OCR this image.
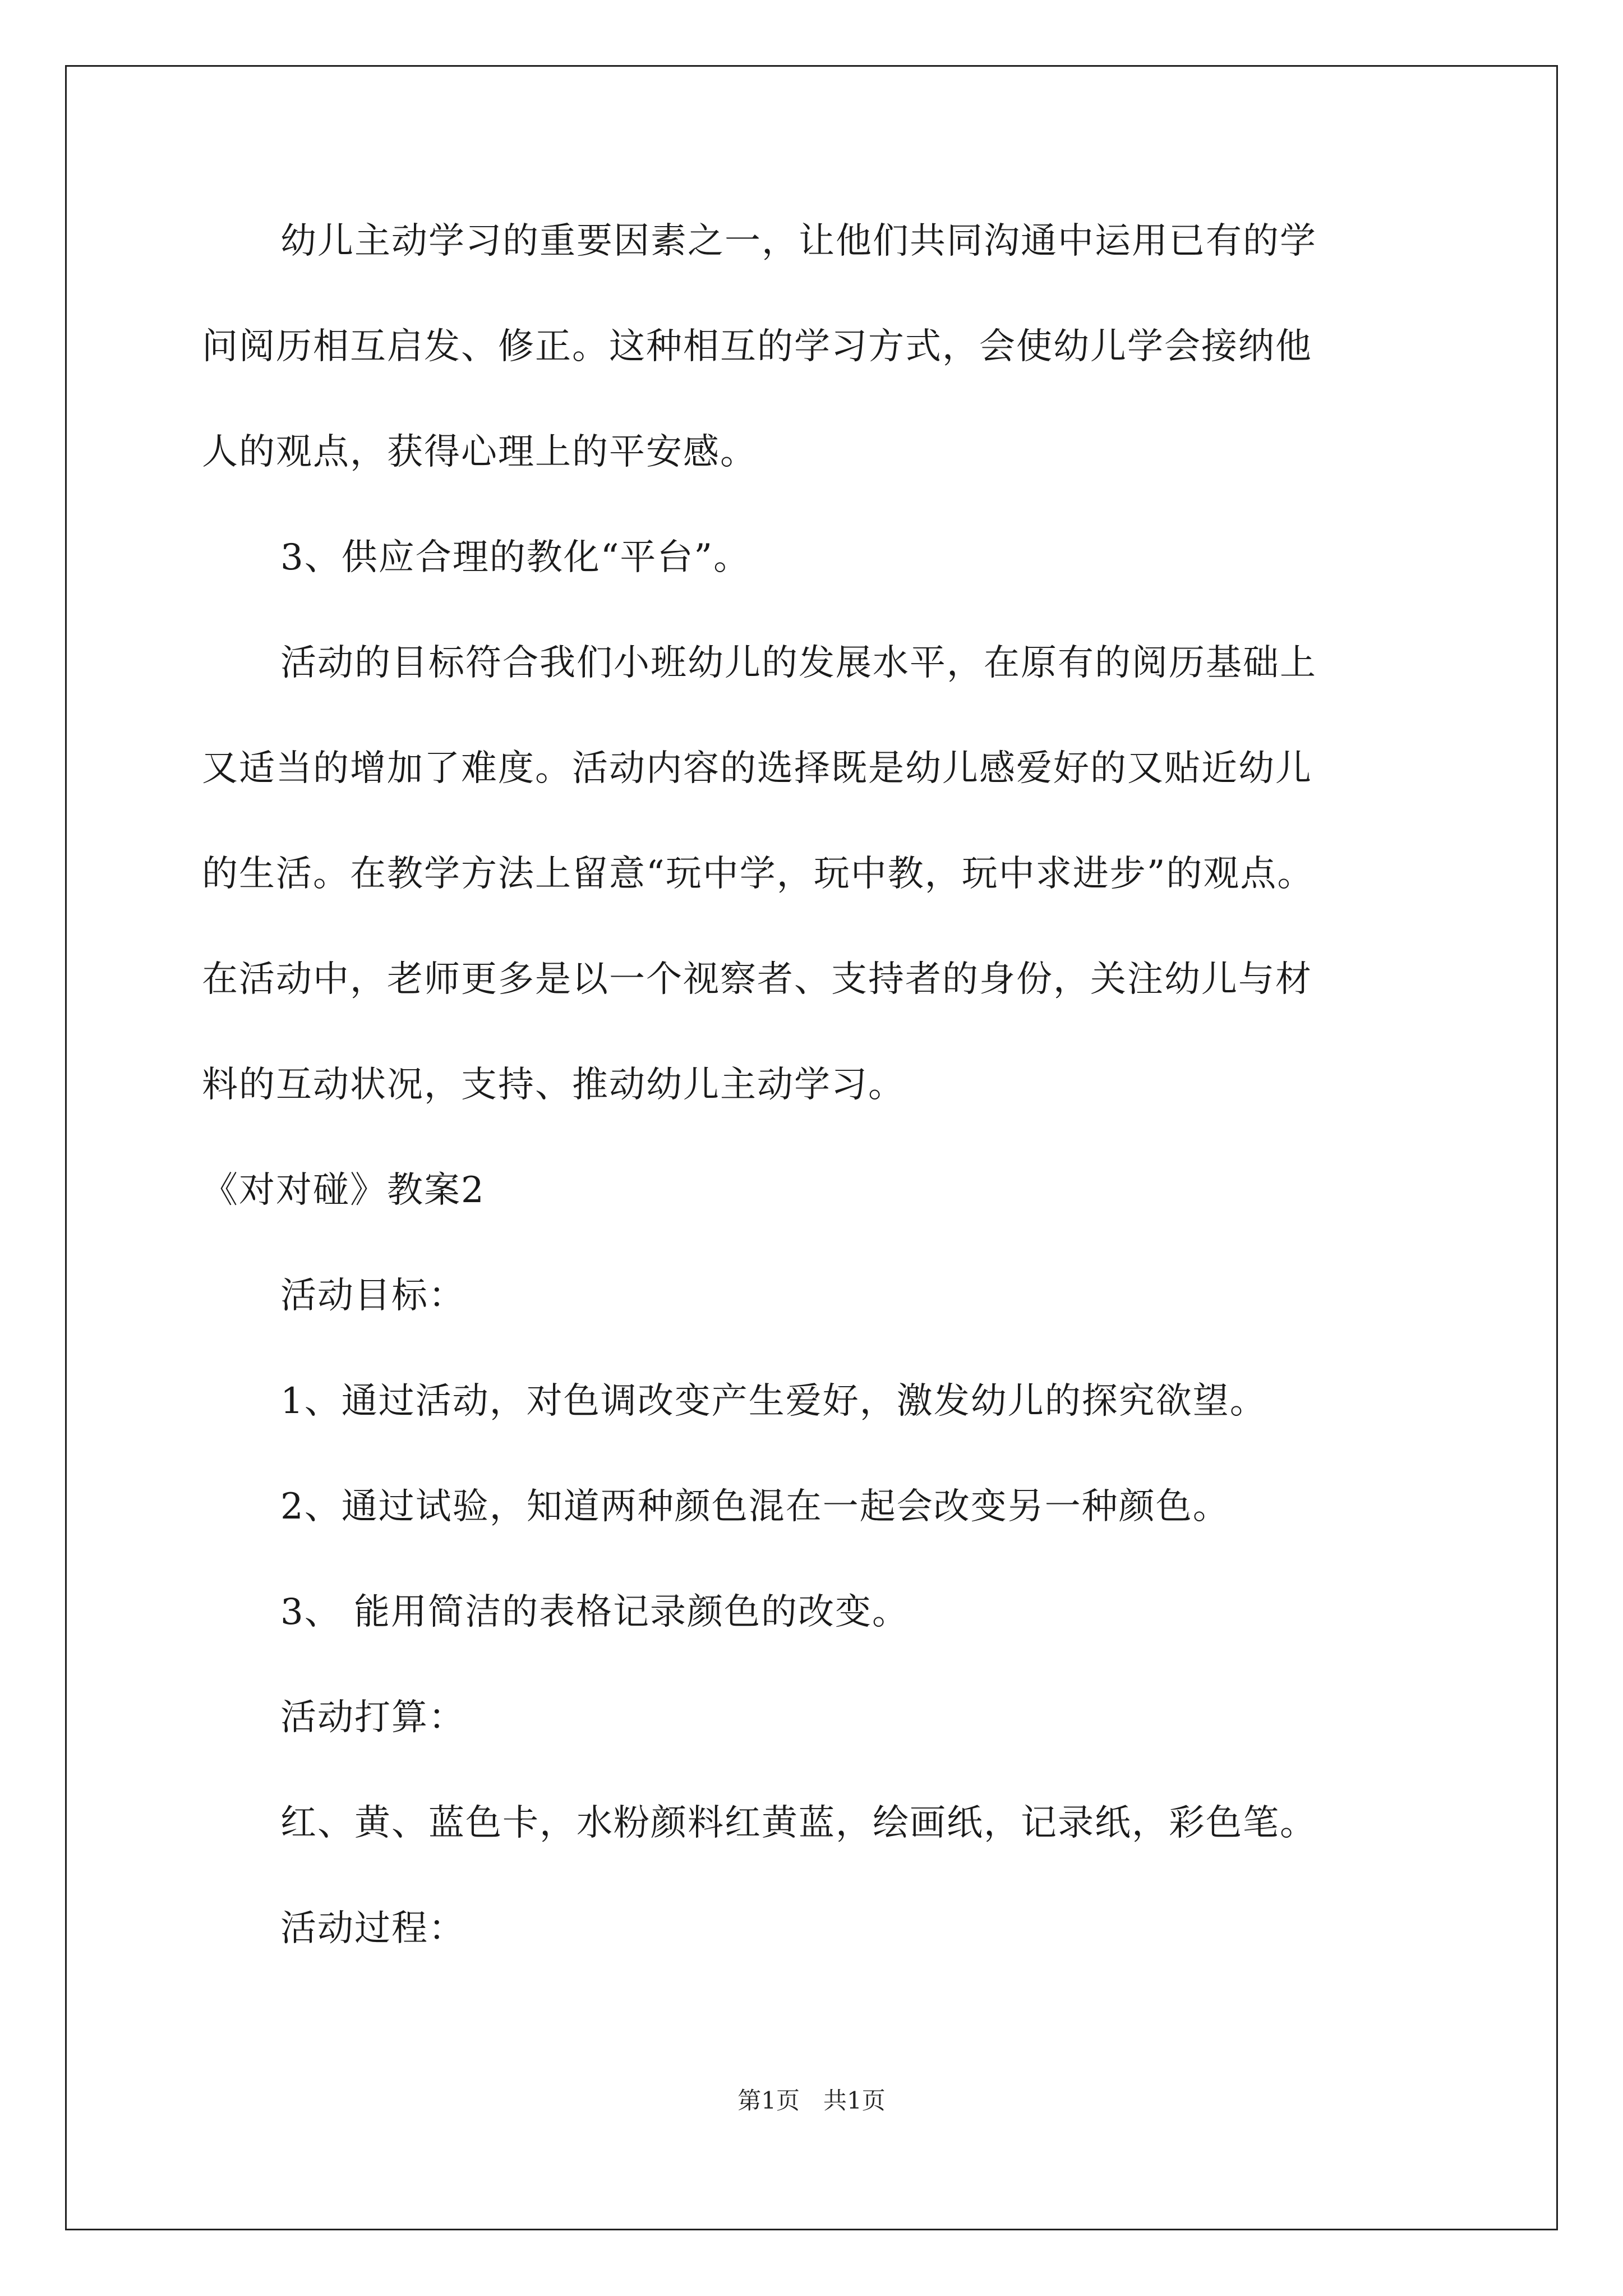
幼儿主动学习的重要因素之一，让他们共同沟通中运用已有的学
问阅历相互启发、修正。这种相互的学习方式，会使幼儿学会接纳他
人的观点，获得心理上的平安感。
3、供应合理的教化“平台”。
活动的目标符合我们小班幼儿的发展水平，在原有的阅历基础上
又适当的增加了难度。活动内容的选择既是幼儿感爱好的又贴近幼儿
的生活。在教学方法上留意“玩中学，玩中教，玩中求进步”的观点。
在活动中，老师更多是以一个视察者、支持者的身份，关注幼儿与材
料的互动状况，支持、推动幼儿主动学习。
《对对碰》教案2
活动目标：
1、通过活动，对色调改变产生爱好，激发幼儿的探究欲望。
2、通过试验，知道两种颜色混在一起会改变另一种颜色。
3、 能用简洁的表格记录颜色的改变。
活动打算：
红、黄、蓝色卡，水粉颜料红黄蓝，绘画纸，记录纸，彩色笔。
活动过程：
第1页　共1页
